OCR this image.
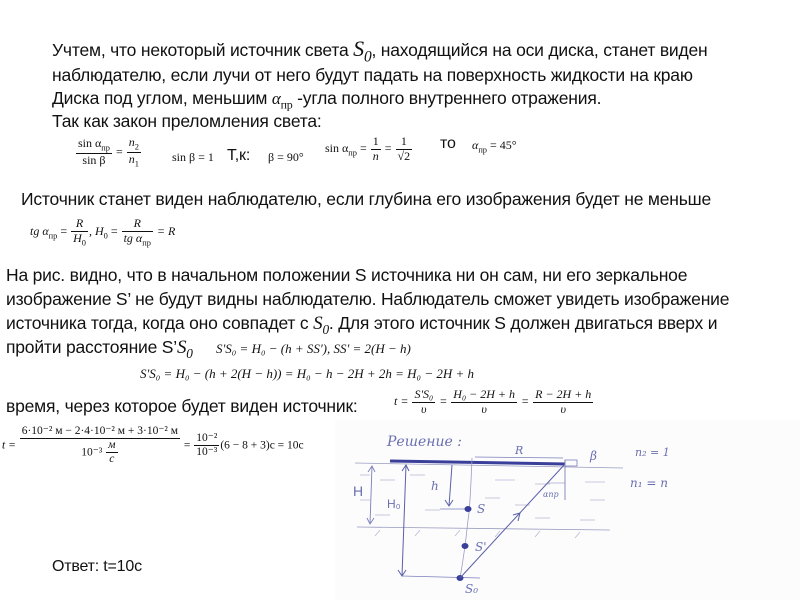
Учтем, что некоторый источник света $S_0$, находящийся на оси диска, станет виден
наблюдателю, если лучи от него будут падать на поверхность жидкости на краю
Диска под углом, меньшим $\alpha_{пр}$ -угла полного внутреннего отражения.
Так как закон преломления света:
$\frac{\sin \alpha_{пр}}{\text{sin β}} = \frac{n_2}{n_1}$	sin β = 1 Т,к: β = 90°
$\sin \alpha_{пр} = \frac{1}{n} = \frac{1}{√2}$ то $\alpha_{пр} = 45^\circ$
Источник станет виден наблюдателю, если глубина его изображения будет не меньше
tg $\alpha_{пр} = \frac{R}{H_0}$ , $H_0 = \frac{R}{tg \alpha_{пр}} = R$
На рис. видно, что в начальном положении S источника ни он сам, ни его зеркальное
изображение S’ не будут видны наблюдателю. Наблюдатель сможет увидеть изображение
источника тогда, когда оно совпадет с $S_0$. Для этого источник S должен двигаться вверх и
пройти расстояние $S’S_0$ S'S₀ = H₀ − (h + SS'), SS' = 2(H − h)
S'S₀ = H₀ − (h + 2(H − h)) = H₀ − h − 2H + 2h = H₀ − 2H + h
время, через которое будет виден источник:	$t = \frac{\text{S'S₀}}{\upsilon} = \frac{\text{H₀ − 2H + h}}{\upsilon} = \frac{R - 2H + h}{\upsilon}$
$t = \frac{\text{6·10⁻² м − 2·4·10⁻² м + 3·10⁻² м}}{10^{-3} \frac{м}{с}} = \frac{\text{10⁻²}}{\text{10⁻³}} (6 - 8 + 3)с = 10с$
Ответ: t=10c
Решение :
R	β	n₂ = 1
n₁ = n
H
H₀
h
S
S'
S₀
αпр
